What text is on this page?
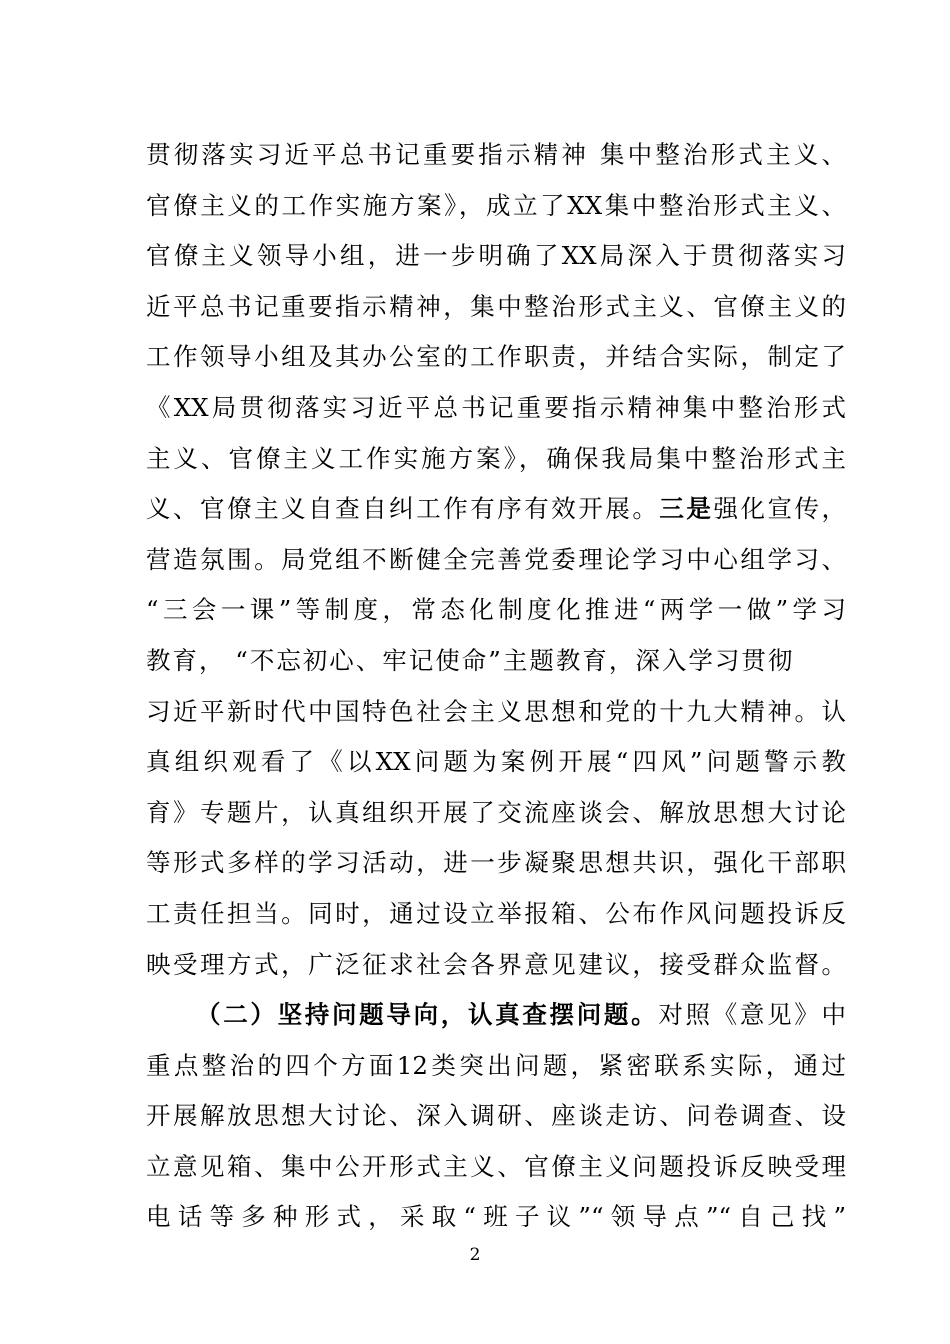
贯彻落实习近平总书记重要指示精神 集中整治形式主义、
官僚主义的工作实施方案》，成立了XX集中整治形式主义、
官僚主义领导小组，进一步明确了XX局深入于贯彻落实习
近平总书记重要指示精神，集中整治形式主义、官僚主义的
工作领导小组及其办公室的工作职责，并结合实际，制定了
《XX局贯彻落实习近平总书记重要指示精神集中整治形式
主义、官僚主义工作实施方案》，确保我局集中整治形式主
义、官僚主义自查自纠工作有序有效开展。三是强化宣传，
营造氛围。局党组不断健全完善党委理论学习中心组学习、
“三会一课”等制度，常态化制度化推进“两学一做”学习
教育， “不忘初心、牢记使命”主题教育，深入学习贯彻
习近平新时代中国特色社会主义思想和党的十九大精神。认
真组织观看了《以XX问题为案例开展“四风”问题警示教
育》专题片，认真组织开展了交流座谈会、解放思想大讨论
等形式多样的学习活动，进一步凝聚思想共识，强化干部职
工责任担当。同时，通过设立举报箱、公布作风问题投诉反
映受理方式，广泛征求社会各界意见建议，接受群众监督。
（二）坚持问题导向，认真查摆问题。对照《意见》中
重点整治的四个方面12类突出问题，紧密联系实际，通过
开展解放思想大讨论、深入调研、座谈走访、问卷调查、设
立意见箱、集中公开形式主义、官僚主义问题投诉反映受理
电话等多种形式，采取“班子议”“领导点”“自己找”
2
